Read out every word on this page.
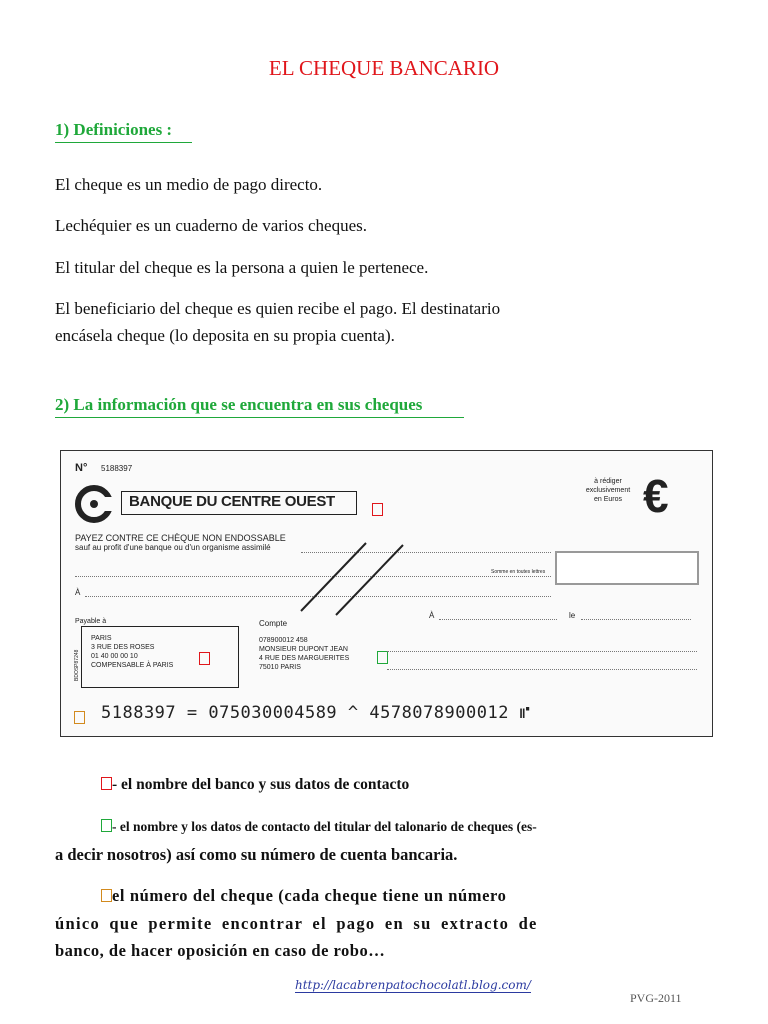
EL CHEQUE BANCARIO
1) Definiciones :
El cheque es un medio de pago directo.
Lechéquier es un cuaderno de varios cheques.
El titular del cheque es la persona a quien le pertenece.
El beneficiario del cheque es quien recibe el pago. El destinatario
encásela cheque (lo deposita en su propia cuenta).
2) La información que se encuentra en sus cheques
N° 5188397
BANQUE DU CENTRE OUEST
à rédiger
exclusivement
en Euros €
PAYEZ CONTRE CE CHÈQUE NON ENDOSSABLE
sauf au profit d'une banque ou d'un organisme assimilé
Somme en toutes lettres
À
À	le
Payable à
BDOSP87248
PARIS
3 RUE DES ROSES
01 40 00 00 10
COMPENSABLE À PARIS
Compte
078900012 458
MONSIEUR DUPONT JEAN
4 RUE DES MARGUERITES
75010 PARIS
5188397 = 075030004589 ^ 4578078900012 ⑈
- el nombre del banco y sus datos de contacto
- el nombre y los datos de contacto del titular del talonario de cheques (es-
a decir nosotros) así como su número de cuenta bancaria.
el número del cheque (cada cheque tiene un número
único que permite encontrar el pago en su extracto de
banco, de hacer oposición en caso de robo…
http://lacabrenpatochocolatl.blog.com/
PVG-2011
